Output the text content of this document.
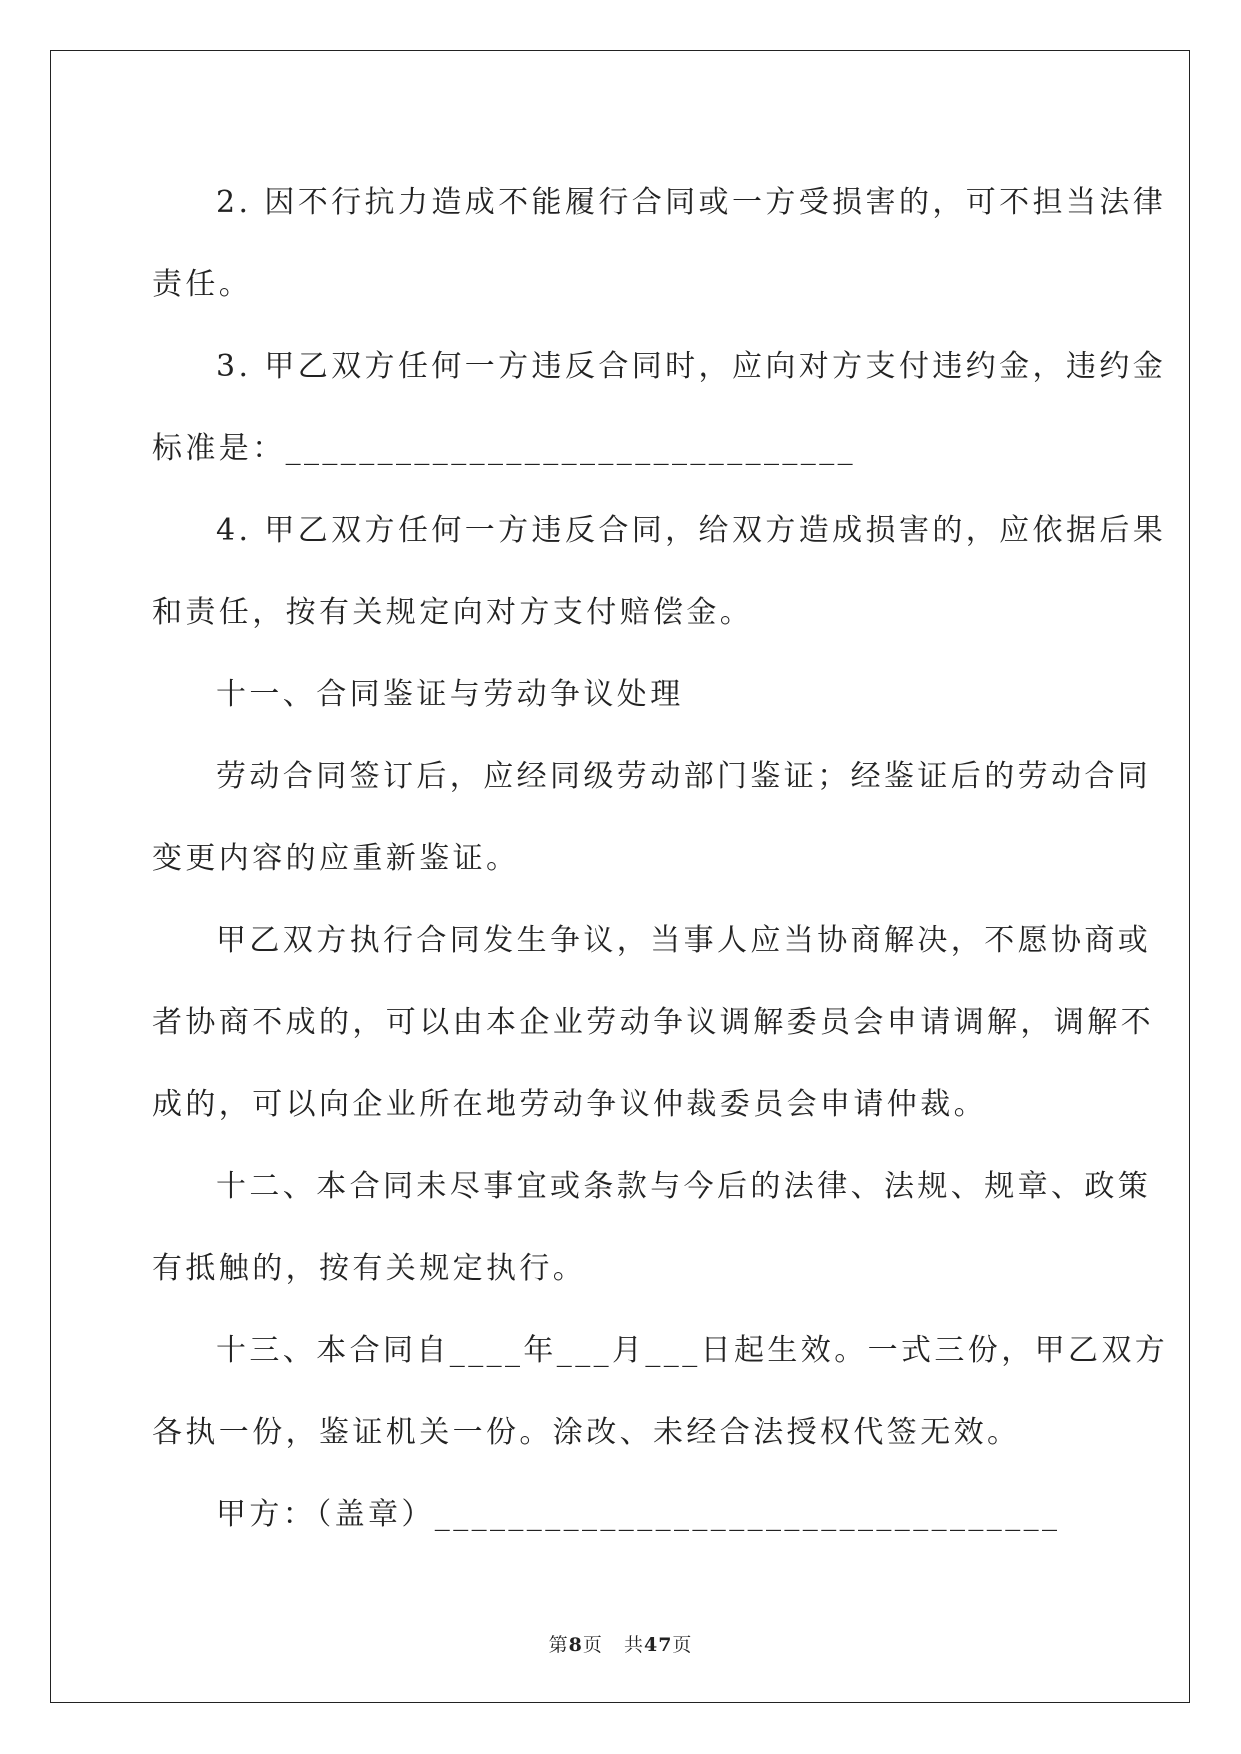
2. 因不行抗力造成不能履行合同或一方受损害的，可不担当法律
责任。

3. 甲乙双方任何一方违反合同时，应向对方支付违约金，违约金
标准是：_______________________________

4. 甲乙双方任何一方违反合同，给双方造成损害的，应依据后果
和责任，按有关规定向对方支付赔偿金。

十一、合同鉴证与劳动争议处理

劳动合同签订后，应经同级劳动部门鉴证；经鉴证后的劳动合同
变更内容的应重新鉴证。

甲乙双方执行合同发生争议，当事人应当协商解决，不愿协商或
者协商不成的，可以由本企业劳动争议调解委员会申请调解，调解不
成的，可以向企业所在地劳动争议仲裁委员会申请仲裁。

十二、本合同未尽事宜或条款与今后的法律、法规、规章、政策
有抵触的，按有关规定执行。

十三、本合同自____年___月___日起生效。一式三份，甲乙双方
各执一份，鉴证机关一份。涂改、未经合法授权代签无效。

甲方：（盖章）__________________________________

第8页 共47页
